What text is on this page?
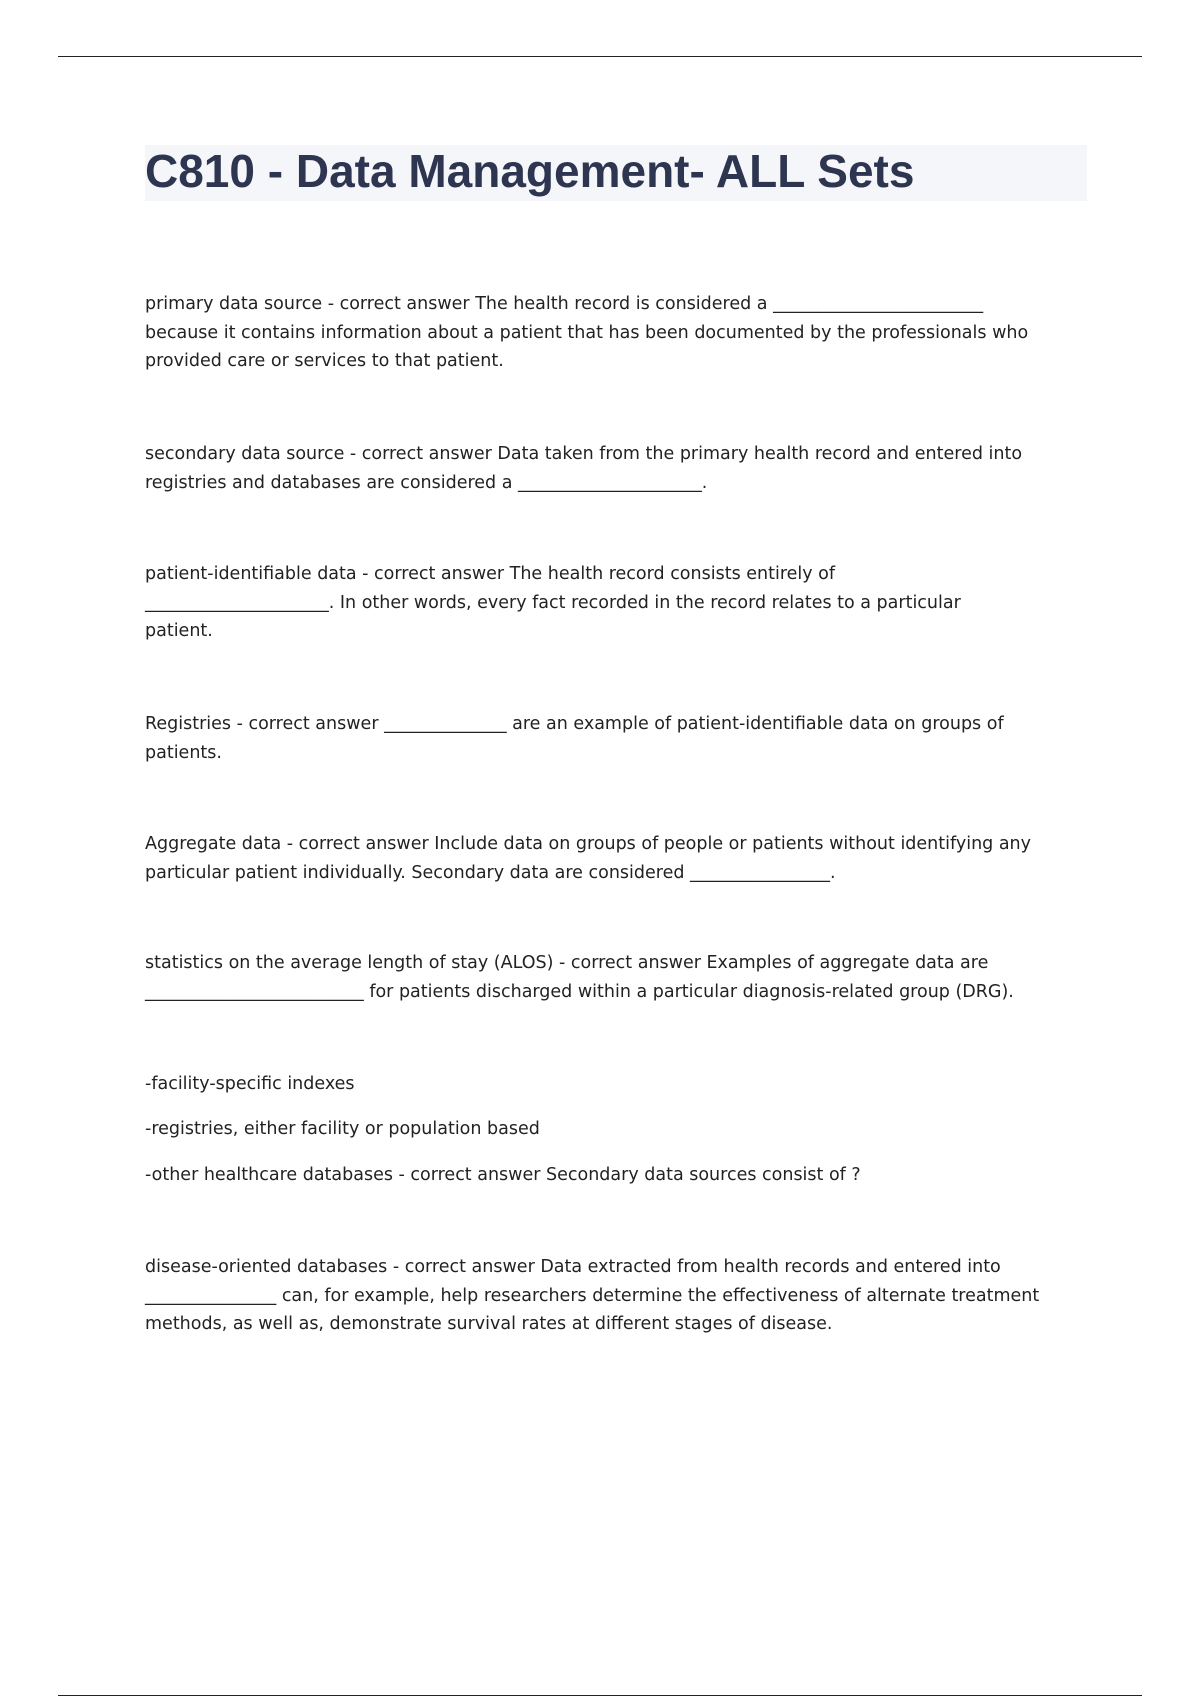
C810 - Data Management- ALL Sets

primary data source - correct answer The health record is considered a ________________________
because it contains information about a patient that has been documented by the professionals who
provided care or services to that patient.

secondary data source - correct answer Data taken from the primary health record and entered into
registries and databases are considered a _____________________.

patient-identifiable data - correct answer The health record consists entirely of
_____________________. In other words, every fact recorded in the record relates to a particular
patient.

Registries - correct answer ______________ are an example of patient-identifiable data on groups of
patients.

Aggregate data - correct answer Include data on groups of people or patients without identifying any
particular patient individually. Secondary data are considered ________________.

statistics on the average length of stay (ALOS) - correct answer Examples of aggregate data are
_________________________ for patients discharged within a particular diagnosis-related group (DRG).

-facility-specific indexes

-registries, either facility or population based

-other healthcare databases - correct answer Secondary data sources consist of ?

disease-oriented databases - correct answer Data extracted from health records and entered into
_______________ can, for example, help researchers determine the effectiveness of alternate treatment
methods, as well as, demonstrate survival rates at different stages of disease.
